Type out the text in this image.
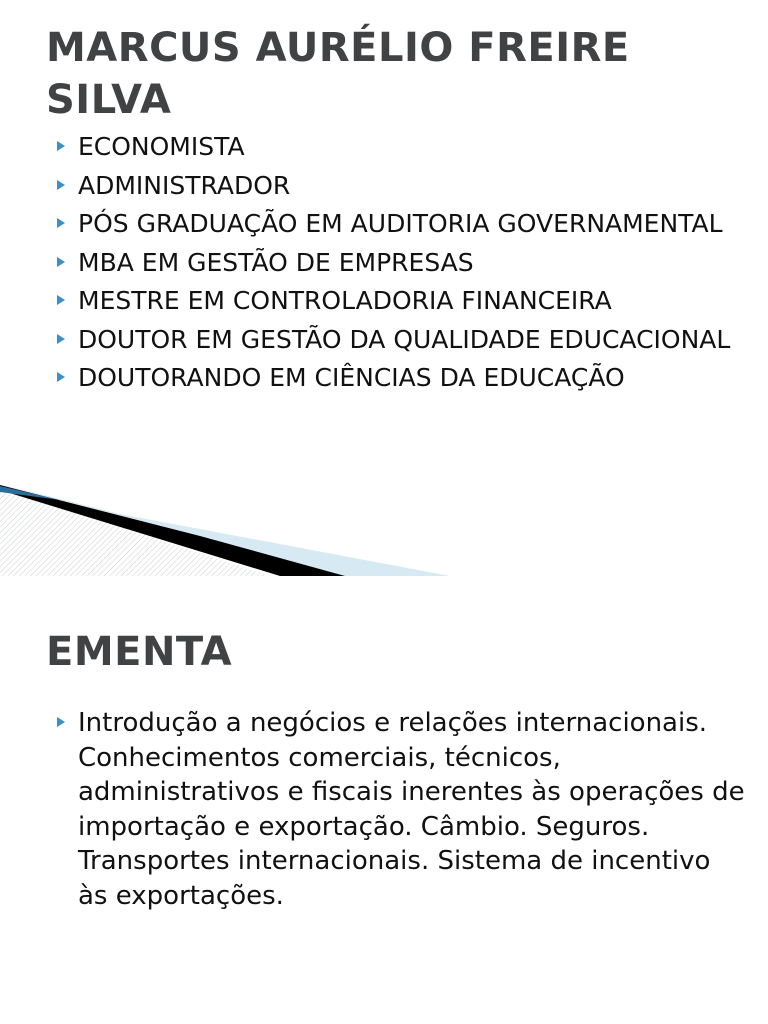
MARCUS AURÉLIO FREIRE SILVA
ECONOMISTA
ADMINISTRADOR
PÓS GRADUAÇÃO EM AUDITORIA GOVERNAMENTAL
MBA EM GESTÃO DE EMPRESAS
MESTRE EM CONTROLADORIA FINANCEIRA
DOUTOR EM GESTÃO DA QUALIDADE EDUCACIONAL
DOUTORANDO EM CIÊNCIAS DA EDUCAÇÃO
EMENTA
Introdução a negócios e relações internacionais. Conhecimentos comerciais, técnicos, administrativos e fiscais inerentes às operações de importação e exportação. Câmbio. Seguros. Transportes internacionais. Sistema de incentivo às exportações.
